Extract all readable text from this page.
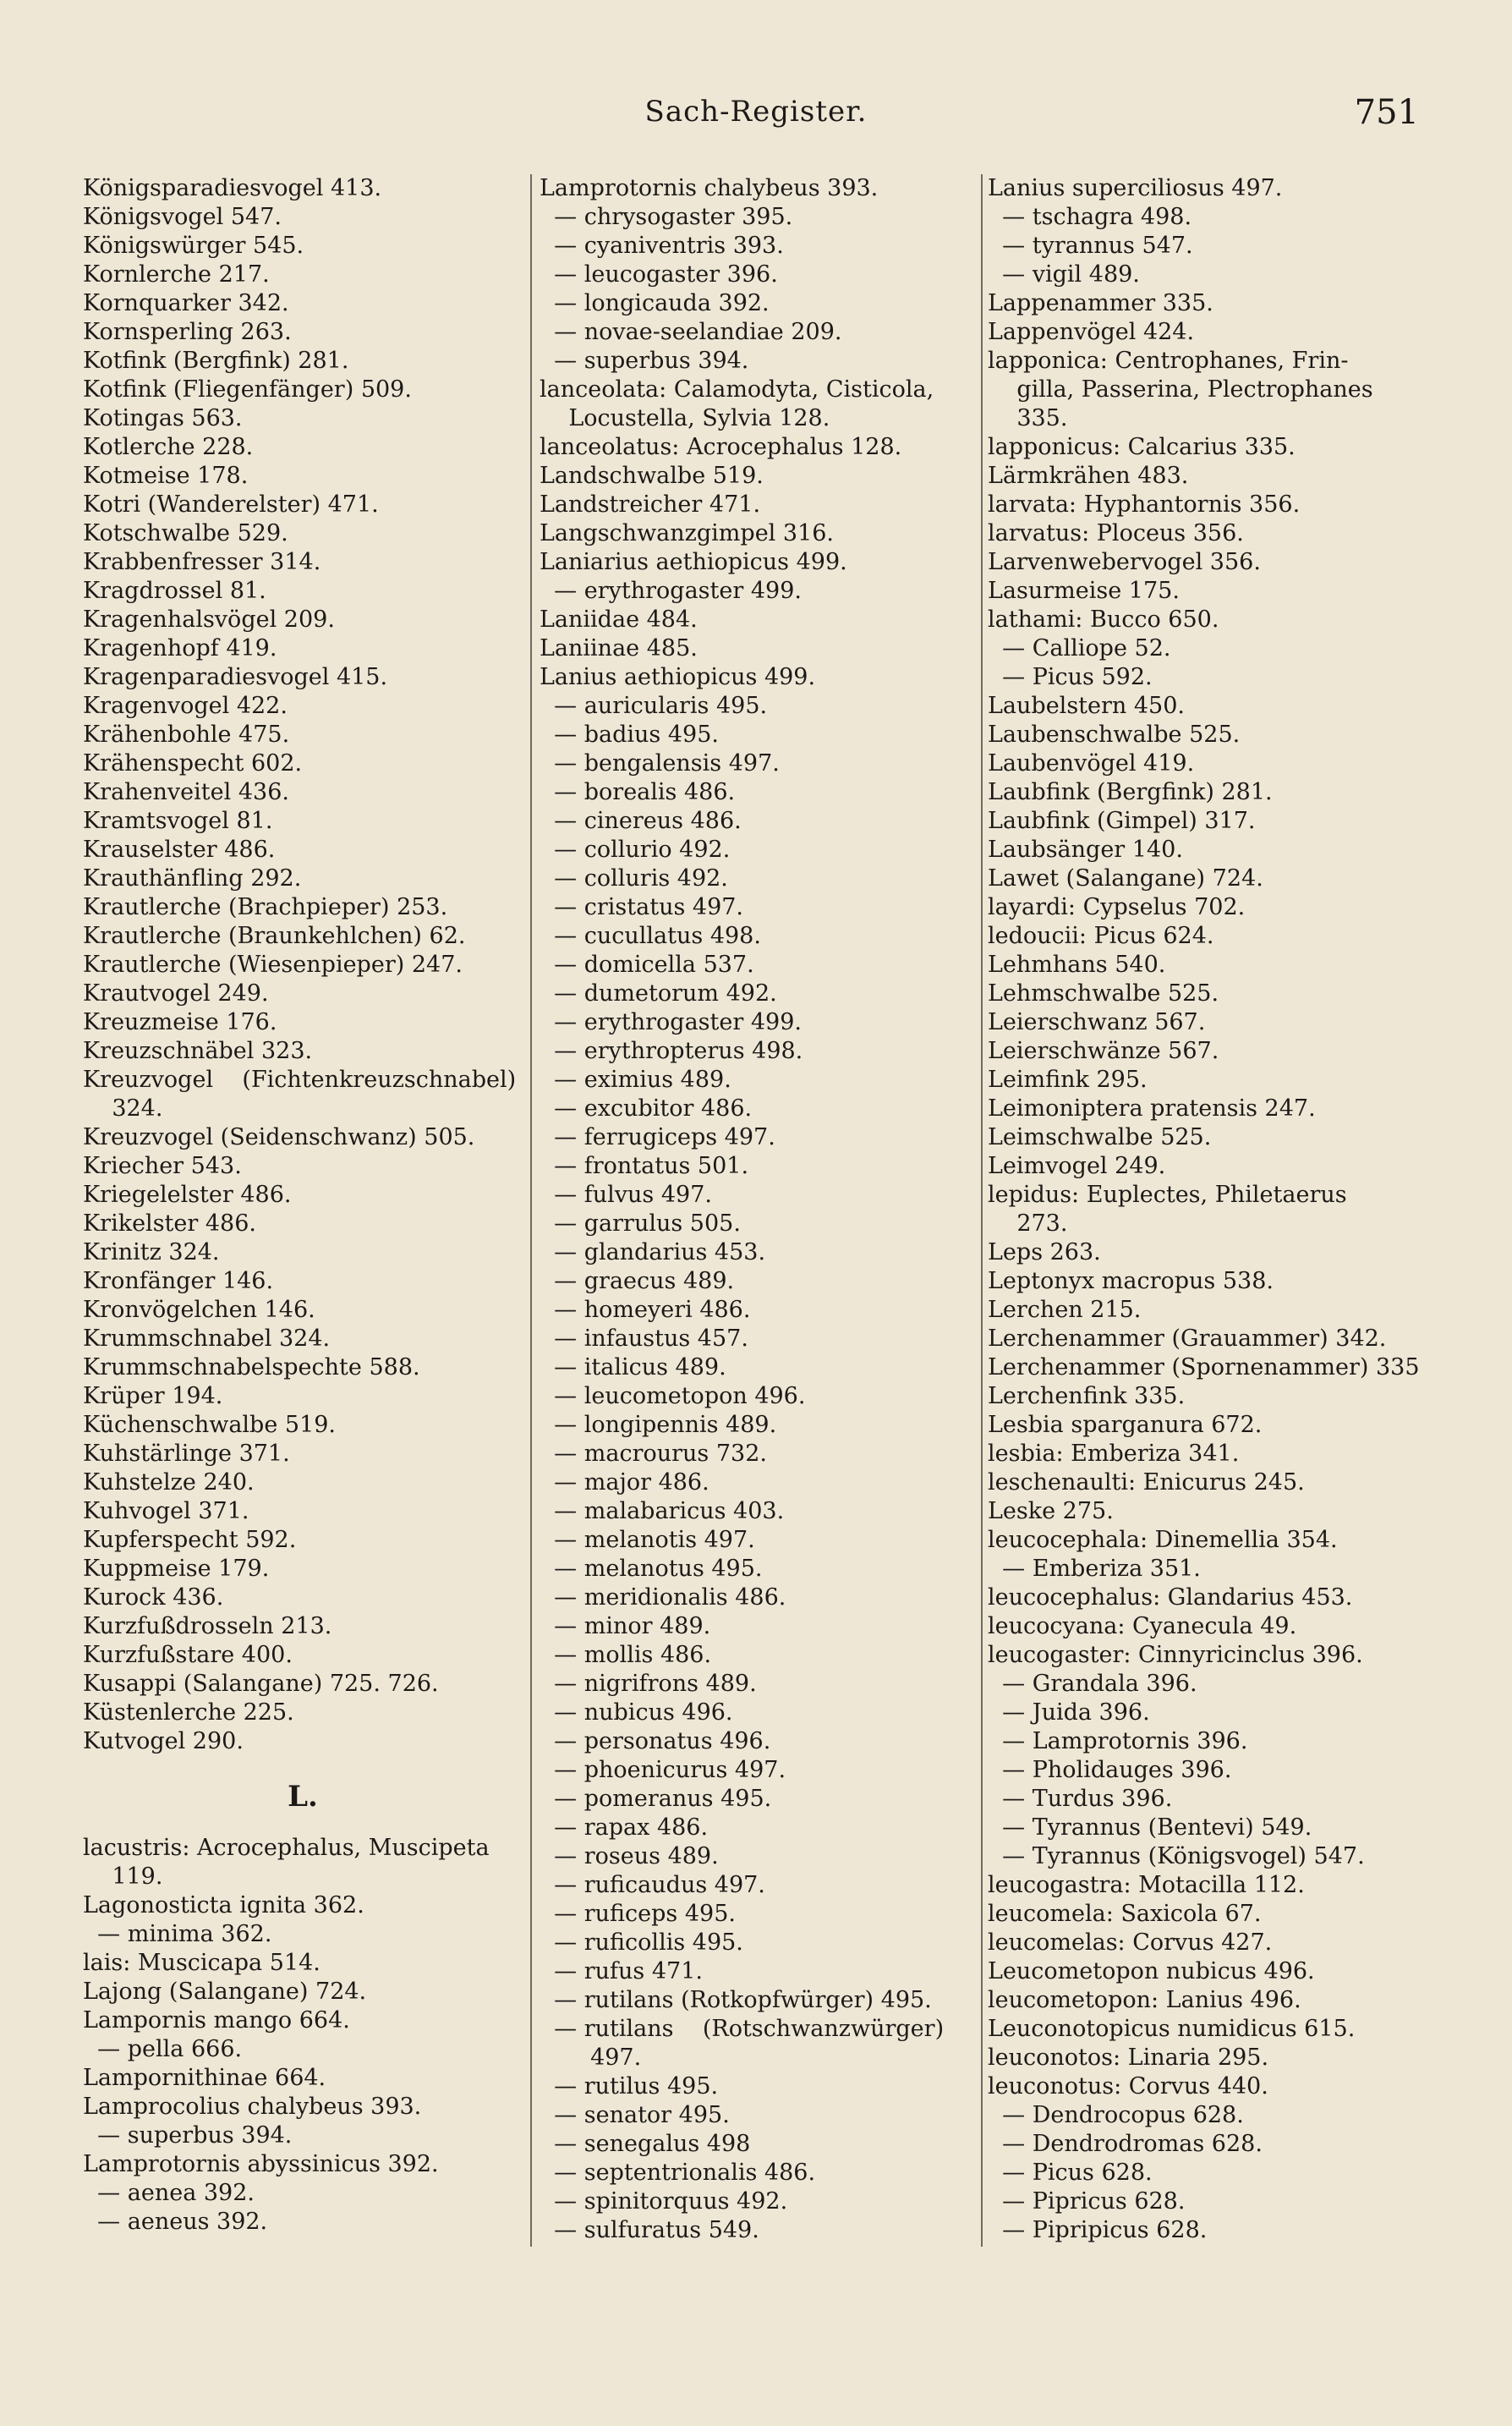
Sach-Register.	751
Königsparadiesvogel 413.
Königsvogel 547.
Königswürger 545.
Kornlerche 217.
Kornquarker 342.
Kornsperling 263.
Kotfink (Bergfink) 281.
Kotfink (Fliegenfänger) 509.
Kotingas 563.
Kotlerche 228.
Kotmeise 178.
Kotri (Wanderelster) 471.
Kotschwalbe 529.
Krabbenfresser 314.
Kragdrossel 81.
Kragenhalsvögel 209.
Kragenhopf 419.
Kragenparadiesvogel 415.
Kragenvogel 422.
Krähenbohle 475.
Krähenspecht 602.
Krahenveitel 436.
Kramtsvogel 81.
Krauselster 486.
Krauthänfling 292.
Krautlerche (Brachpieper) 253.
Krautlerche (Braunkehlchen) 62.
Krautlerche (Wiesenpieper) 247.
Krautvogel 249.
Kreuzmeise 176.
Kreuzschnäbel 323.
Kreuzvogel    (Fichtenkreuzschnabel)
324.
Kreuzvogel (Seidenschwanz) 505.
Kriecher 543.
Kriegelelster 486.
Krikelster 486.
Krinitz 324.
Kronfänger 146.
Kronvögelchen 146.
Krummschnabel 324.
Krummschnabelspechte 588.
Krüper 194.
Küchenschwalbe 519.
Kuhstärlinge 371.
Kuhstelze 240.
Kuhvogel 371.
Kupferspecht 592.
Kuppmeise 179.
Kurock 436.
Kurzfußdrosseln 213.
Kurzfußstare 400.
Kusappi (Salangane) 725. 726.
Küstenlerche 225.
Kutvogel 290.
L.
lacustris: Acrocephalus, Muscipeta
119.
Lagonosticta ignita 362.
— minima 362.
lais: Muscicapa 514.
Lajong (Salangane) 724.
Lampornis mango 664.
— pella 666.
Lampornithinae 664.
Lamprocolius chalybeus 393.
— superbus 394.
Lamprotornis abyssinicus 392.
— aenea 392.
— aeneus 392.
Lamprotornis chalybeus 393.
— chrysogaster 395.
— cyaniventris 393.
— leucogaster 396.
— longicauda 392.
— novae-seelandiae 209.
— superbus 394.
lanceolata: Calamodyta, Cisticola,
Locustella, Sylvia 128.
lanceolatus: Acrocephalus 128.
Landschwalbe 519.
Landstreicher 471.
Langschwanzgimpel 316.
Laniarius aethiopicus 499.
— erythrogaster 499.
Laniidae 484.
Laniinae 485.
Lanius aethiopicus 499.
— auricularis 495.
— badius 495.
— bengalensis 497.
— borealis 486.
— cinereus 486.
— collurio 492.
— colluris 492.
— cristatus 497.
— cucullatus 498.
— domicella 537.
— dumetorum 492.
— erythrogaster 499.
— erythropterus 498.
— eximius 489.
— excubitor 486.
— ferrugiceps 497.
— frontatus 501.
— fulvus 497.
— garrulus 505.
— glandarius 453.
— graecus 489.
— homeyeri 486.
— infaustus 457.
— italicus 489.
— leucometopon 496.
— longipennis 489.
— macrourus 732.
— major 486.
— malabaricus 403.
— melanotis 497.
— melanotus 495.
— meridionalis 486.
— minor 489.
— mollis 486.
— nigrifrons 489.
— nubicus 496.
— personatus 496.
— phoenicurus 497.
— pomeranus 495.
— rapax 486.
— roseus 489.
— ruficaudus 497.
— ruficeps 495.
— ruficollis 495.
— rufus 471.
— rutilans (Rotkopfwürger) 495.
— rutilans    (Rotschwanzwürger)
497.
— rutilus 495.
— senator 495.
— senegalus 498
— septentrionalis 486.
— spinitorquus 492.
— sulfuratus 549.
Lanius superciliosus 497.
— tschagra 498.
— tyrannus 547.
— vigil 489.
Lappenammer 335.
Lappenvögel 424.
lapponica: Centrophanes, Frin-
gilla, Passerina, Plectrophanes
335.
lapponicus: Calcarius 335.
Lärmkrähen 483.
larvata: Hyphantornis 356.
larvatus: Ploceus 356.
Larvenwebervogel 356.
Lasurmeise 175.
lathami: Bucco 650.
— Calliope 52.
— Picus 592.
Laubelstern 450.
Laubenschwalbe 525.
Laubenvögel 419.
Laubfink (Bergfink) 281.
Laubfink (Gimpel) 317.
Laubsänger 140.
Lawet (Salangane) 724.
layardi: Cypselus 702.
ledoucii: Picus 624.
Lehmhans 540.
Lehmschwalbe 525.
Leierschwanz 567.
Leierschwänze 567.
Leimfink 295.
Leimoniptera pratensis 247.
Leimschwalbe 525.
Leimvogel 249.
lepidus: Euplectes, Philetaerus
273.
Leps 263.
Leptonyx macropus 538.
Lerchen 215.
Lerchenammer (Grauammer) 342.
Lerchenammer (Spornenammer) 335
Lerchenfink 335.
Lesbia sparganura 672.
lesbia: Emberiza 341.
leschenaulti: Enicurus 245.
Leske 275.
leucocephala: Dinemellia 354.
— Emberiza 351.
leucocephalus: Glandarius 453.
leucocyana: Cyanecula 49.
leucogaster: Cinnyricinclus 396.
— Grandala 396.
— Juida 396.
— Lamprotornis 396.
— Pholidauges 396.
— Turdus 396.
— Tyrannus (Bentevi) 549.
— Tyrannus (Königsvogel) 547.
leucogastra: Motacilla 112.
leucomela: Saxicola 67.
leucomelas: Corvus 427.
Leucometopon nubicus 496.
leucometopon: Lanius 496.
Leuconotopicus numidicus 615.
leuconotos: Linaria 295.
leuconotus: Corvus 440.
— Dendrocopus 628.
— Dendrodromas 628.
— Picus 628.
— Pipricus 628.
— Pipripicus 628.
